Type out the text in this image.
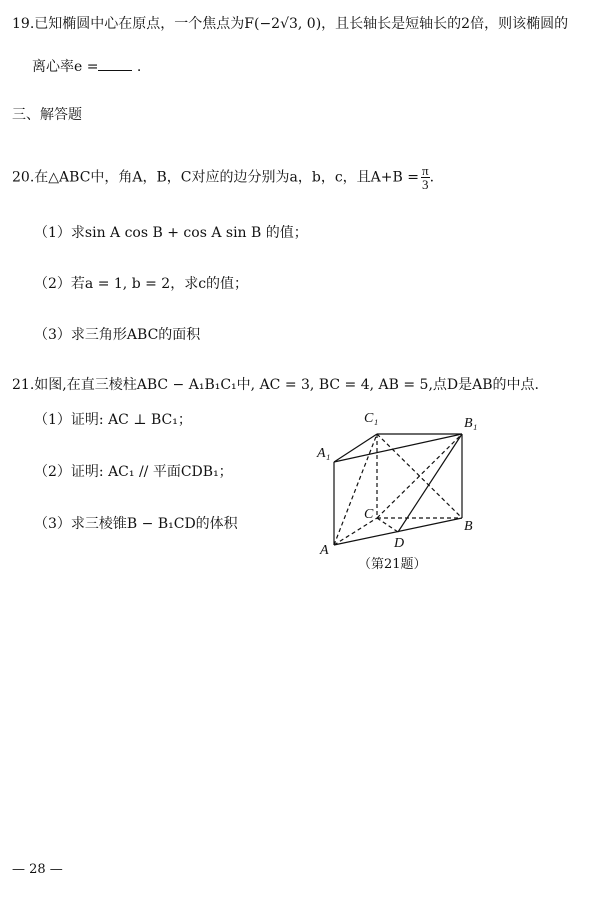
19.已知椭圆中心在原点，一个焦点为F(−2√3, 0)，且长轴长是短轴长的2倍，则该椭圆的
离心率e =	.
三、解答题
20.在△ABC中，角A，B，C对应的边分别为a，b，c，且$A+B = \frac{\pi}{3}$ .
（1）求sin A cos B + cos A sin B 的值；
（2）若a = 1, b = 2，求c的值；
（3）求三角形ABC的面积
21.如图,在直三棱柱ABC − A₁B₁C₁中, AC = 3, BC = 4, AB = 5,点D是AB的中点.
（1）证明: AC ⊥ BC₁；
（2）证明: AC₁ // 平面CDB₁；
（3）求三棱锥B − B₁CD的体积
C₁	B₁
A₁
C
B
A	D
（第21题）
— 28 —
